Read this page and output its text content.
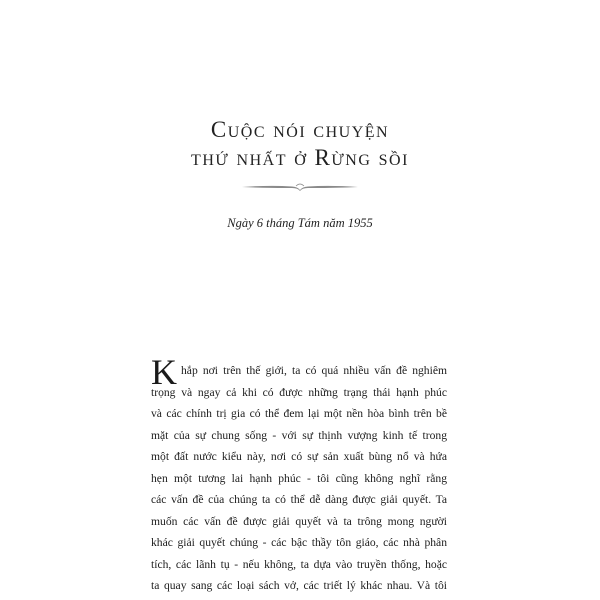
Cuộc nói chuyện
thứ nhất ở Rừng sồi
Ngày 6 tháng Tám năm 1955
K hắp nơi trên thế giới, ta có quá nhiều vấn đề nghiêm
trọng và ngay cả khi có được những trạng thái hạnh phúc
và các chính trị gia có thể đem lại một nền hòa bình trên bề
mặt của sự chung sống - với sự thịnh vượng kinh tế trong
một đất nước kiểu này, nơi có sự sản xuất bùng nổ và hứa
hẹn một tương lai hạnh phúc - tôi cũng không nghĩ rằng
các vấn đề của chúng ta có thể dễ dàng được giải quyết. Ta
muốn các vấn đề được giải quyết và ta trông mong người
khác giải quyết chúng - các bậc thầy tôn giáo, các nhà phân
tích, các lãnh tụ - nếu không, ta dựa vào truyền thống, hoặc
ta quay sang các loại sách vở, các triết lý khác nhau. Và tôi
